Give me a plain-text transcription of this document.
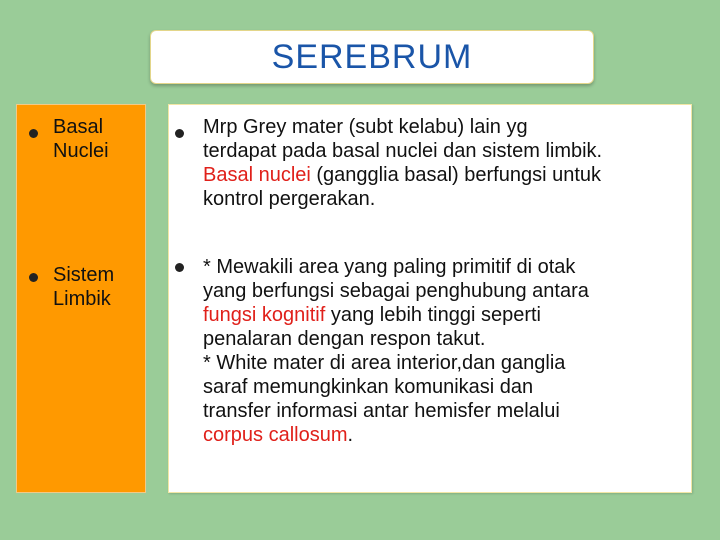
SEREBRUM
Basal
Nuclei
Sistem
Limbik
Mrp Grey mater (subt kelabu) lain yg
terdapat pada basal nuclei dan sistem limbik.
Basal nuclei (gangglia basal) berfungsi untuk
kontrol pergerakan.
* Mewakili area yang paling primitif di otak
yang berfungsi sebagai penghubung antara
fungsi kognitif yang lebih tinggi seperti
penalaran dengan respon takut.
* White mater di area interior,dan ganglia
saraf memungkinkan komunikasi dan
transfer informasi antar hemisfer melalui
corpus callosum.
